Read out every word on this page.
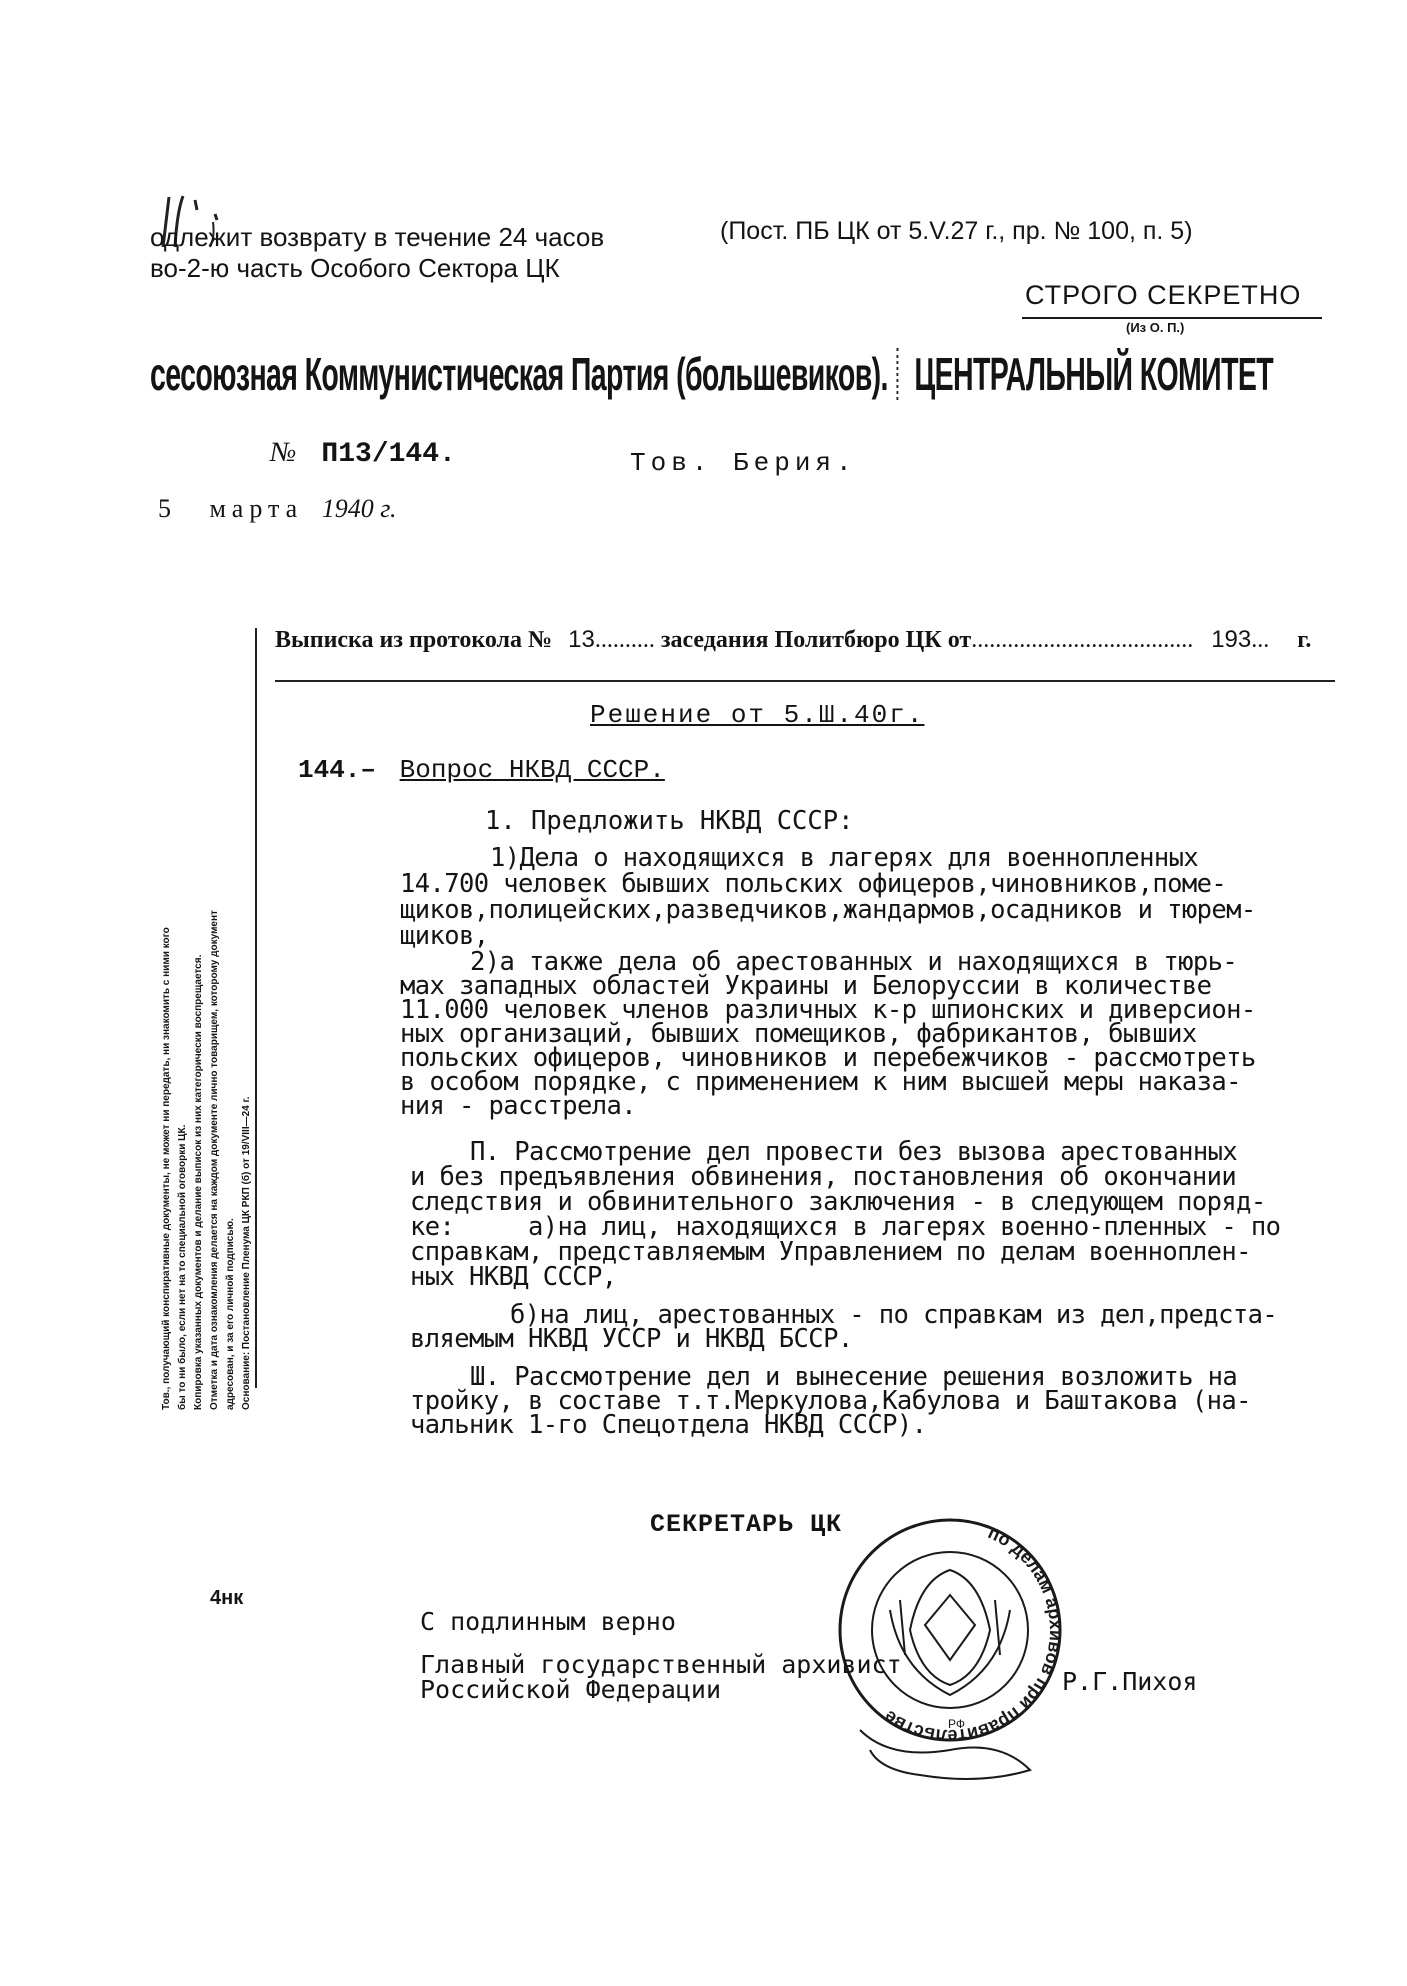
одлежит возврату в течение 24 часов
во-2-ю часть Особого Сектора ЦК
(Пост. ПБ ЦК от 5.V.27 г., пр. № 100, п. 5)
СТРОГО СЕКРЕТНО
(Из О. П.)
сесоюзная Коммунистическая Партия (большевиков). ЦЕНТРАЛЬНЫЙ КОМИТЕТ
№ П13/144.
5 марта 1940 г.
Тов. Берия.
Тов., получающий конспиративные документы, не может ни передать, ни знакомить с ними кого бы то ни было, если нет на то специальной оговорки ЦК. Копировка указанных документов и делание выписок из них категорически воспрещается. Отметка и дата ознакомления делается на каждом документе лично товарищем, которому документ адресован, и за его личной подписью. Основание: Постановление Пленума ЦК РКП (б) от 19/VIII—24 г.
Выписка из протокола № 13.......... заседания Политбюро ЦК от..................................... 193... г.
Решение от 5.Ш.40г.
144.– Вопрос НКВД СССР.
1. Предложить НКВД СССР:
1)Дела о находящихся в лагерях для военнопленных
14.700 человек бывших польских офицеров,чиновников,поме-
щиков,полицейских,разведчиков,жандармов,осадников и тюрем-
щиков,
2)а также дела об арестованных и находящихся в тюрь-
мах западных областей Украины и Белоруссии в количестве
11.000 человек членов различных к-р шпионских и диверсион-
ных организаций, бывших помещиков, фабрикантов, бывших
польских офицеров, чиновников и перебежчиков - рассмотреть
в особом порядке, с применением к ним высшей меры наказа-
ния - расстрела.
П. Рассмотрение дел провести без вызова арестованных
и без предъявления обвинения, постановления об окончании
следствия и обвинительного заключения - в следующем поряд-
ке:     а)на лиц, находящихся в лагерях военно-пленных - по
справкам, представляемым Управлением по делам военноплен-
ных НКВД СССР,
б)на лиц, арестованных - по справкам из дел,предста-
вляемым НКВД УССР и НКВД БССР.
Ш. Рассмотрение дел и вынесение решения возложить на
тройку, в составе т.т.Меркулова,Кабулова и Баштакова (на-
чальник 1-го Спецотдела НКВД СССР).
СЕКРЕТАРЬ ЦК
4нк
по делам архивов при правительстве	РФ
С подлинным верно
Главный государственный архивист
Российской Федерации	Р.Г.Пихоя
